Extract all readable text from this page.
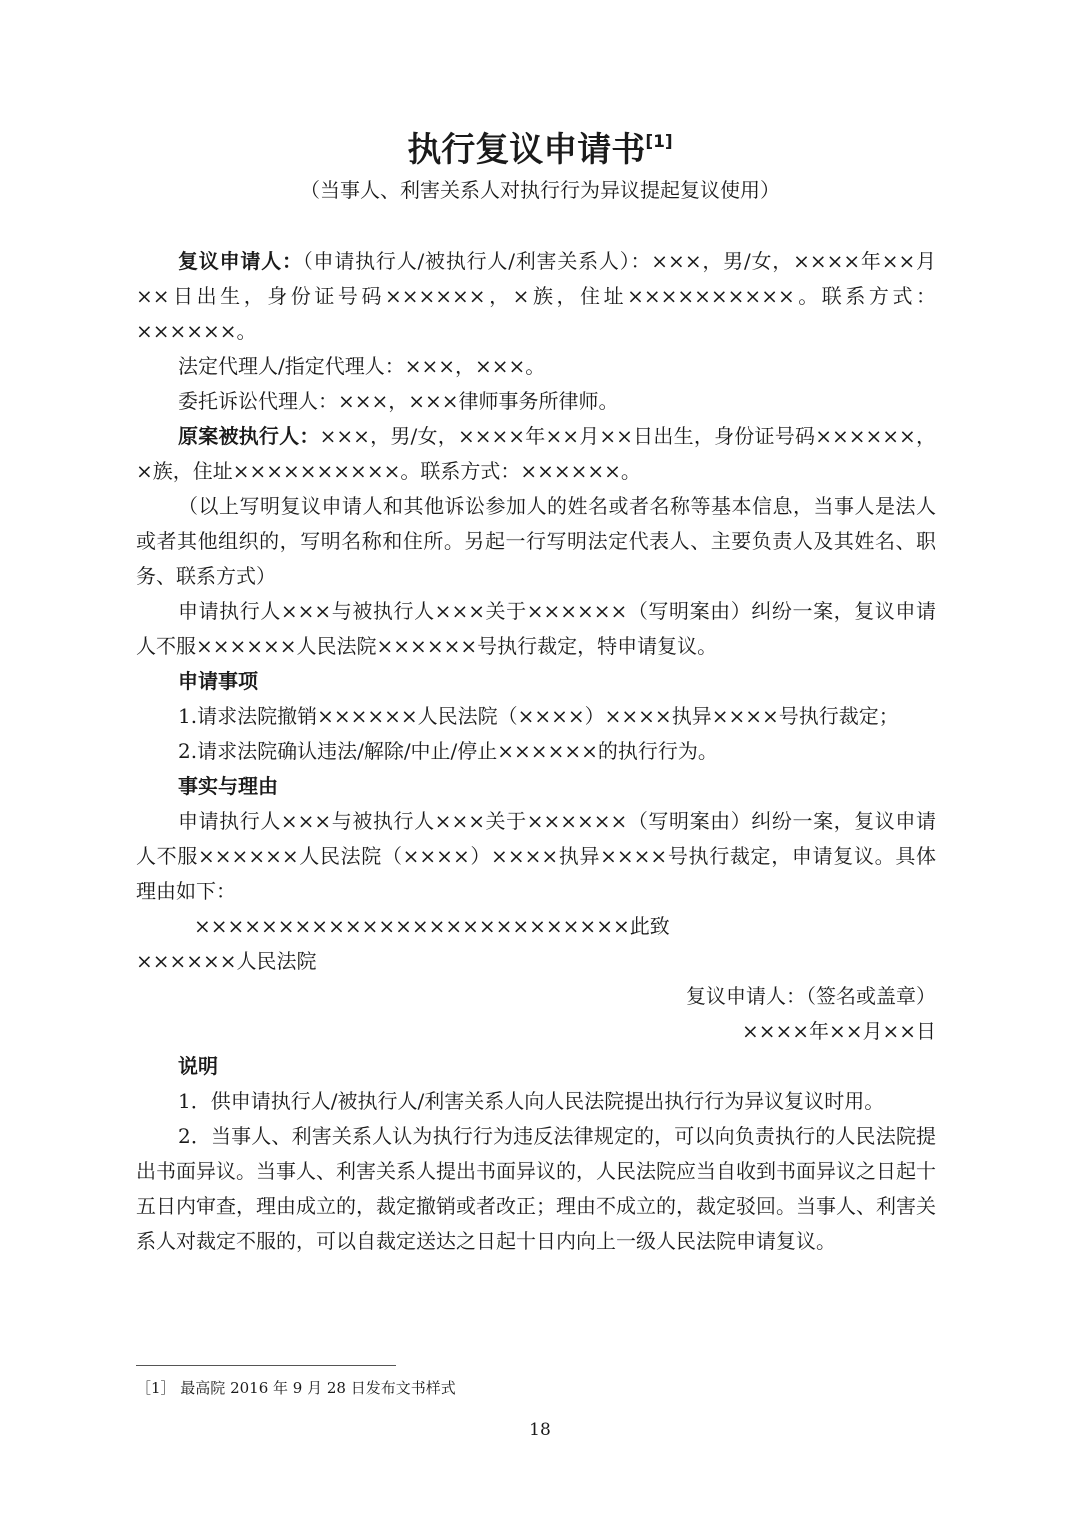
执行复议申请书[1]
（当事人、利害关系人对执行行为异议提起复议使用）

复议申请人：（申请执行人/被执行人/利害关系人）：×××，男/女，××××年××月××日出生，身份证号码××××××，×族，住址××××××××××。联系方式：××××××。

法定代理人/指定代理人：×××，×××。

委托诉讼代理人：×××，×××律师事务所律师。

原案被执行人：×××，男/女，××××年××月××日出生，身份证号码××××××，×族，住址××××××××××。联系方式：××××××。

（以上写明复议申请人和其他诉讼参加人的姓名或者名称等基本信息，当事人是法人或者其他组织的，写明名称和住所。另起一行写明法定代表人、主要负责人及其姓名、职务、联系方式）

申请执行人×××与被执行人×××关于××××××（写明案由）纠纷一案，复议申请人不服××××××人民法院××××××号执行裁定，特申请复议。

申请事项

1.请求法院撤销××××××人民法院（××××）××××执异××××号执行裁定；

2.请求法院确认违法/解除/中止/停止××××××的执行行为。

事实与理由

申请执行人×××与被执行人×××关于××××××（写明案由）纠纷一案，复议申请人不服××××××人民法院（××××）××××执异××××号执行裁定，申请复议。具体理由如下：

××××××××××××××××××××××××××此致

××××××人民法院

复议申请人：（签名或盖章）

××××年××月××日

说明

1．供申请执行人/被执行人/利害关系人向人民法院提出执行行为异议复议时用。

2．当事人、利害关系人认为执行行为违反法律规定的，可以向负责执行的人民法院提出书面异议。当事人、利害关系人提出书面异议的，人民法院应当自收到书面异议之日起十五日内审查，理由成立的，裁定撤销或者改正；理由不成立的，裁定驳回。当事人、利害关系人对裁定不服的，可以自裁定送达之日起十日内向上一级人民法院申请复议。

［1］ 最高院 2016 年 9 月 28 日发布文书样式
18
